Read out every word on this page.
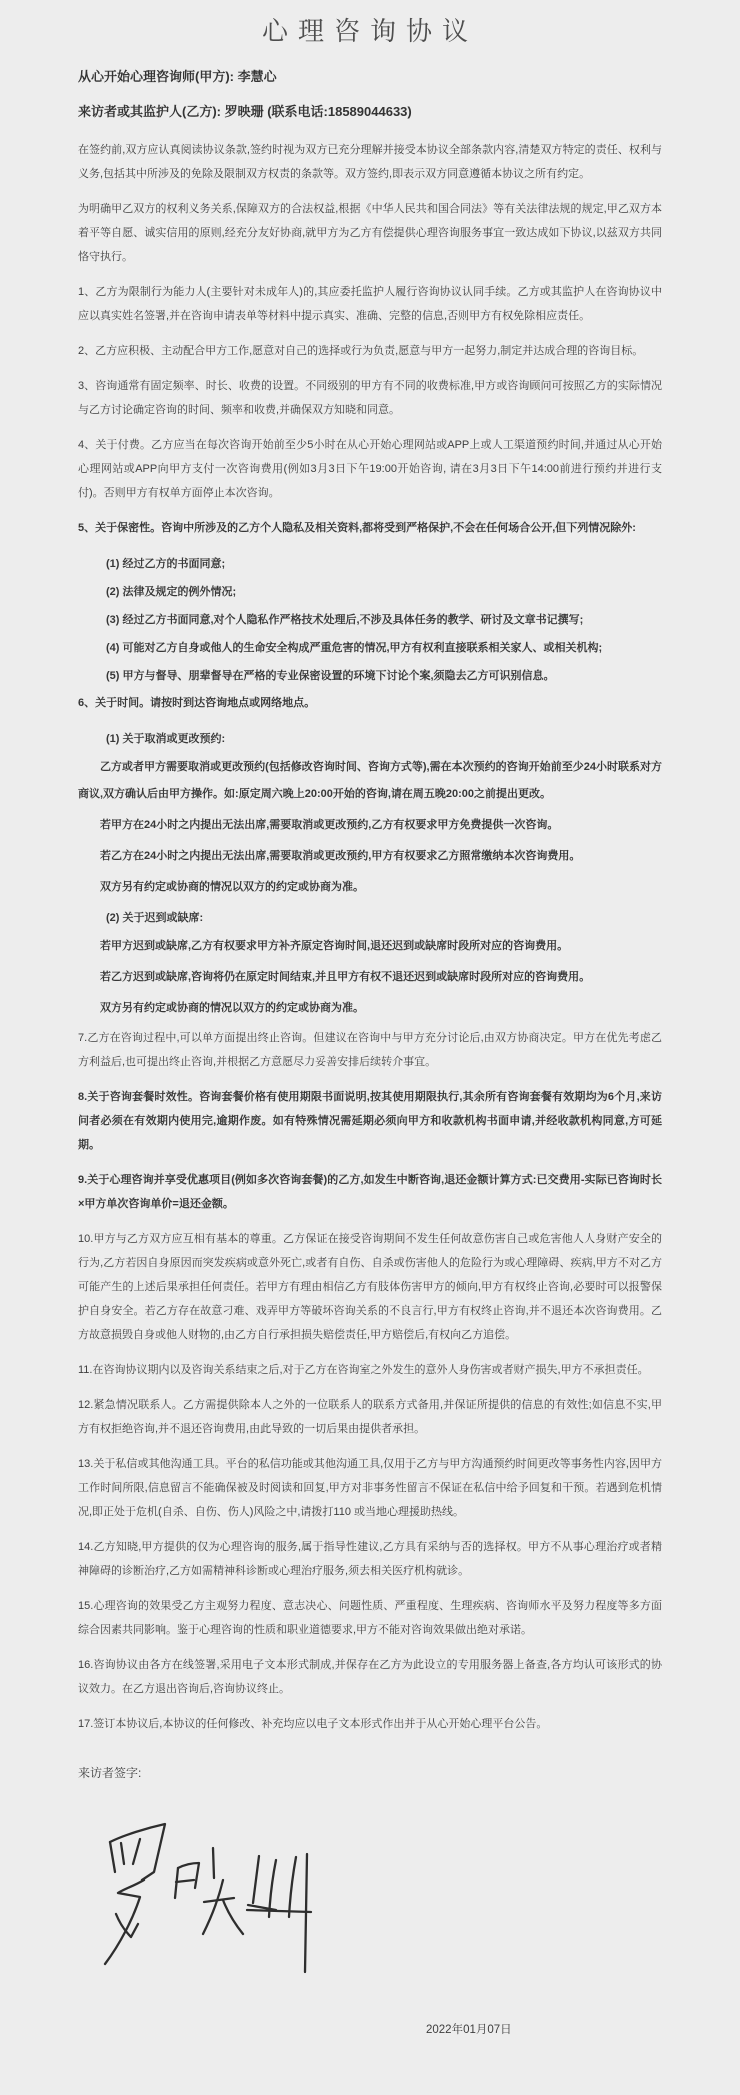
心理咨询协议

从心开始心理咨询师(甲方): 李慧心

来访者或其监护人(乙方): 罗映珊 (联系电话:18589044633)

在签约前,双方应认真阅读协议条款,签约时视为双方已充分理解并接受本协议全部条款内容,清楚双方特定的责任、权利与义务,包括其中所涉及的免除及限制双方权责的条款等。双方签约,即表示双方同意遵循本协议之所有约定。

为明确甲乙双方的权利义务关系,保障双方的合法权益,根据《中华人民共和国合同法》等有关法律法规的规定,甲乙双方本着平等自愿、诚实信用的原则,经充分友好协商,就甲方为乙方有偿提供心理咨询服务事宜一致达成如下协议,以兹双方共同恪守执行。

1、乙方为限制行为能力人(主要针对未成年人)的,其应委托监护人履行咨询协议认同手续。乙方或其监护人在咨询协议中应以真实姓名签署,并在咨询申请表单等材料中提示真实、准确、完整的信息,否则甲方有权免除相应责任。

2、乙方应积极、主动配合甲方工作,愿意对自己的选择或行为负责,愿意与甲方一起努力,制定并达成合理的咨询目标。

3、咨询通常有固定频率、时长、收费的设置。不同级别的甲方有不同的收费标准,甲方或咨询顾问可按照乙方的实际情况与乙方讨论确定咨询的时间、频率和收费,并确保双方知晓和同意。

4、关于付费。乙方应当在每次咨询开始前至少5小时在从心开始心理网站或APP上或人工渠道预约时间,并通过从心开始心理网站或APP向甲方支付一次咨询费用(例如3月3日下午19:00开始咨询, 请在3月3日下午14:00前进行预约并进行支付)。否则甲方有权单方面停止本次咨询。

5、关于保密性。咨询中所涉及的乙方个人隐私及相关资料,都将受到严格保护,不会在任何场合公开,但下列情况除外:

(1) 经过乙方的书面同意;

(2) 法律及规定的例外情况;

(3) 经过乙方书面同意,对个人隐私作严格技术处理后,不涉及具体任务的教学、研讨及文章书记撰写;

(4) 可能对乙方自身或他人的生命安全构成严重危害的情况,甲方有权利直接联系相关家人、或相关机构;

(5) 甲方与督导、朋辈督导在严格的专业保密设置的环境下讨论个案,须隐去乙方可识别信息。

6、关于时间。请按时到达咨询地点或网络地点。

(1) 关于取消或更改预约:

乙方或者甲方需要取消或更改预约(包括修改咨询时间、咨询方式等),需在本次预约的咨询开始前至少24小时联系对方商议,双方确认后由甲方操作。如:原定周六晚上20:00开始的咨询,请在周五晚20:00之前提出更改。

若甲方在24小时之内提出无法出席,需要取消或更改预约,乙方有权要求甲方免费提供一次咨询。

若乙方在24小时之内提出无法出席,需要取消或更改预约,甲方有权要求乙方照常缴纳本次咨询费用。

双方另有约定或协商的情况以双方的约定或协商为准。

(2) 关于迟到或缺席:

若甲方迟到或缺席,乙方有权要求甲方补齐原定咨询时间,退还迟到或缺席时段所对应的咨询费用。

若乙方迟到或缺席,咨询将仍在原定时间结束,并且甲方有权不退还迟到或缺席时段所对应的咨询费用。

双方另有约定或协商的情况以双方的约定或协商为准。

7.乙方在咨询过程中,可以单方面提出终止咨询。但建议在咨询中与甲方充分讨论后,由双方协商决定。甲方在优先考虑乙方利益后,也可提出终止咨询,并根据乙方意愿尽力妥善安排后续转介事宜。

8.关于咨询套餐时效性。咨询套餐价格有使用期限书面说明,按其使用期限执行,其余所有咨询套餐有效期均为6个月,来访问者必须在有效期内使用完,逾期作废。如有特殊情况需延期必须向甲方和收款机构书面申请,并经收款机构同意,方可延期。

9.关于心理咨询并享受优惠项目(例如多次咨询套餐)的乙方,如发生中断咨询,退还金额计算方式:已交费用-实际已咨询时长×甲方单次咨询单价=退还金额。

10.甲方与乙方双方应互相有基本的尊重。乙方保证在接受咨询期间不发生任何故意伤害自己或危害他人人身财产安全的行为,乙方若因自身原因而突发疾病或意外死亡,或者有自伤、自杀或伤害他人的危险行为或心理障碍、疾病,甲方不对乙方可能产生的上述后果承担任何责任。若甲方有理由相信乙方有肢体伤害甲方的倾向,甲方有权终止咨询,必要时可以报警保护自身安全。若乙方存在故意刁难、戏弄甲方等破坏咨询关系的不良言行,甲方有权终止咨询,并不退还本次咨询费用。乙方故意损毁自身或他人财物的,由乙方自行承担损失赔偿责任,甲方赔偿后,有权向乙方追偿。

11.在咨询协议期内以及咨询关系结束之后,对于乙方在咨询室之外发生的意外人身伤害或者财产损失,甲方不承担责任。

12.紧急情况联系人。乙方需提供除本人之外的一位联系人的联系方式备用,并保证所提供的信息的有效性;如信息不实,甲方有权拒绝咨询,并不退还咨询费用,由此导致的一切后果由提供者承担。

13.关于私信或其他沟通工具。平台的私信功能或其他沟通工具,仅用于乙方与甲方沟通预约时间更改等事务性内容,因甲方工作时间所限,信息留言不能确保被及时阅读和回复,甲方对非事务性留言不保证在私信中给予回复和干预。若遇到危机情况,即正处于危机(自杀、自伤、伤人)风险之中,请拨打110 或当地心理援助热线。

14.乙方知晓,甲方提供的仅为心理咨询的服务,属于指导性建议,乙方具有采纳与否的选择权。甲方不从事心理治疗或者精神障碍的诊断治疗,乙方如需精神科诊断或心理治疗服务,须去相关医疗机构就诊。

15.心理咨询的效果受乙方主观努力程度、意志决心、问题性质、严重程度、生理疾病、咨询师水平及努力程度等多方面综合因素共同影响。鉴于心理咨询的性质和职业道德要求,甲方不能对咨询效果做出绝对承诺。

16.咨询协议由各方在线签署,采用电子文本形式制成,并保存在乙方为此设立的专用服务器上备查,各方均认可该形式的协议效力。在乙方退出咨询后,咨询协议终止。

17.签订本协议后,本协议的任何修改、补充均应以电子文本形式作出并于从心开始心理平台公告。

来访者签字:

2022年01月07日
